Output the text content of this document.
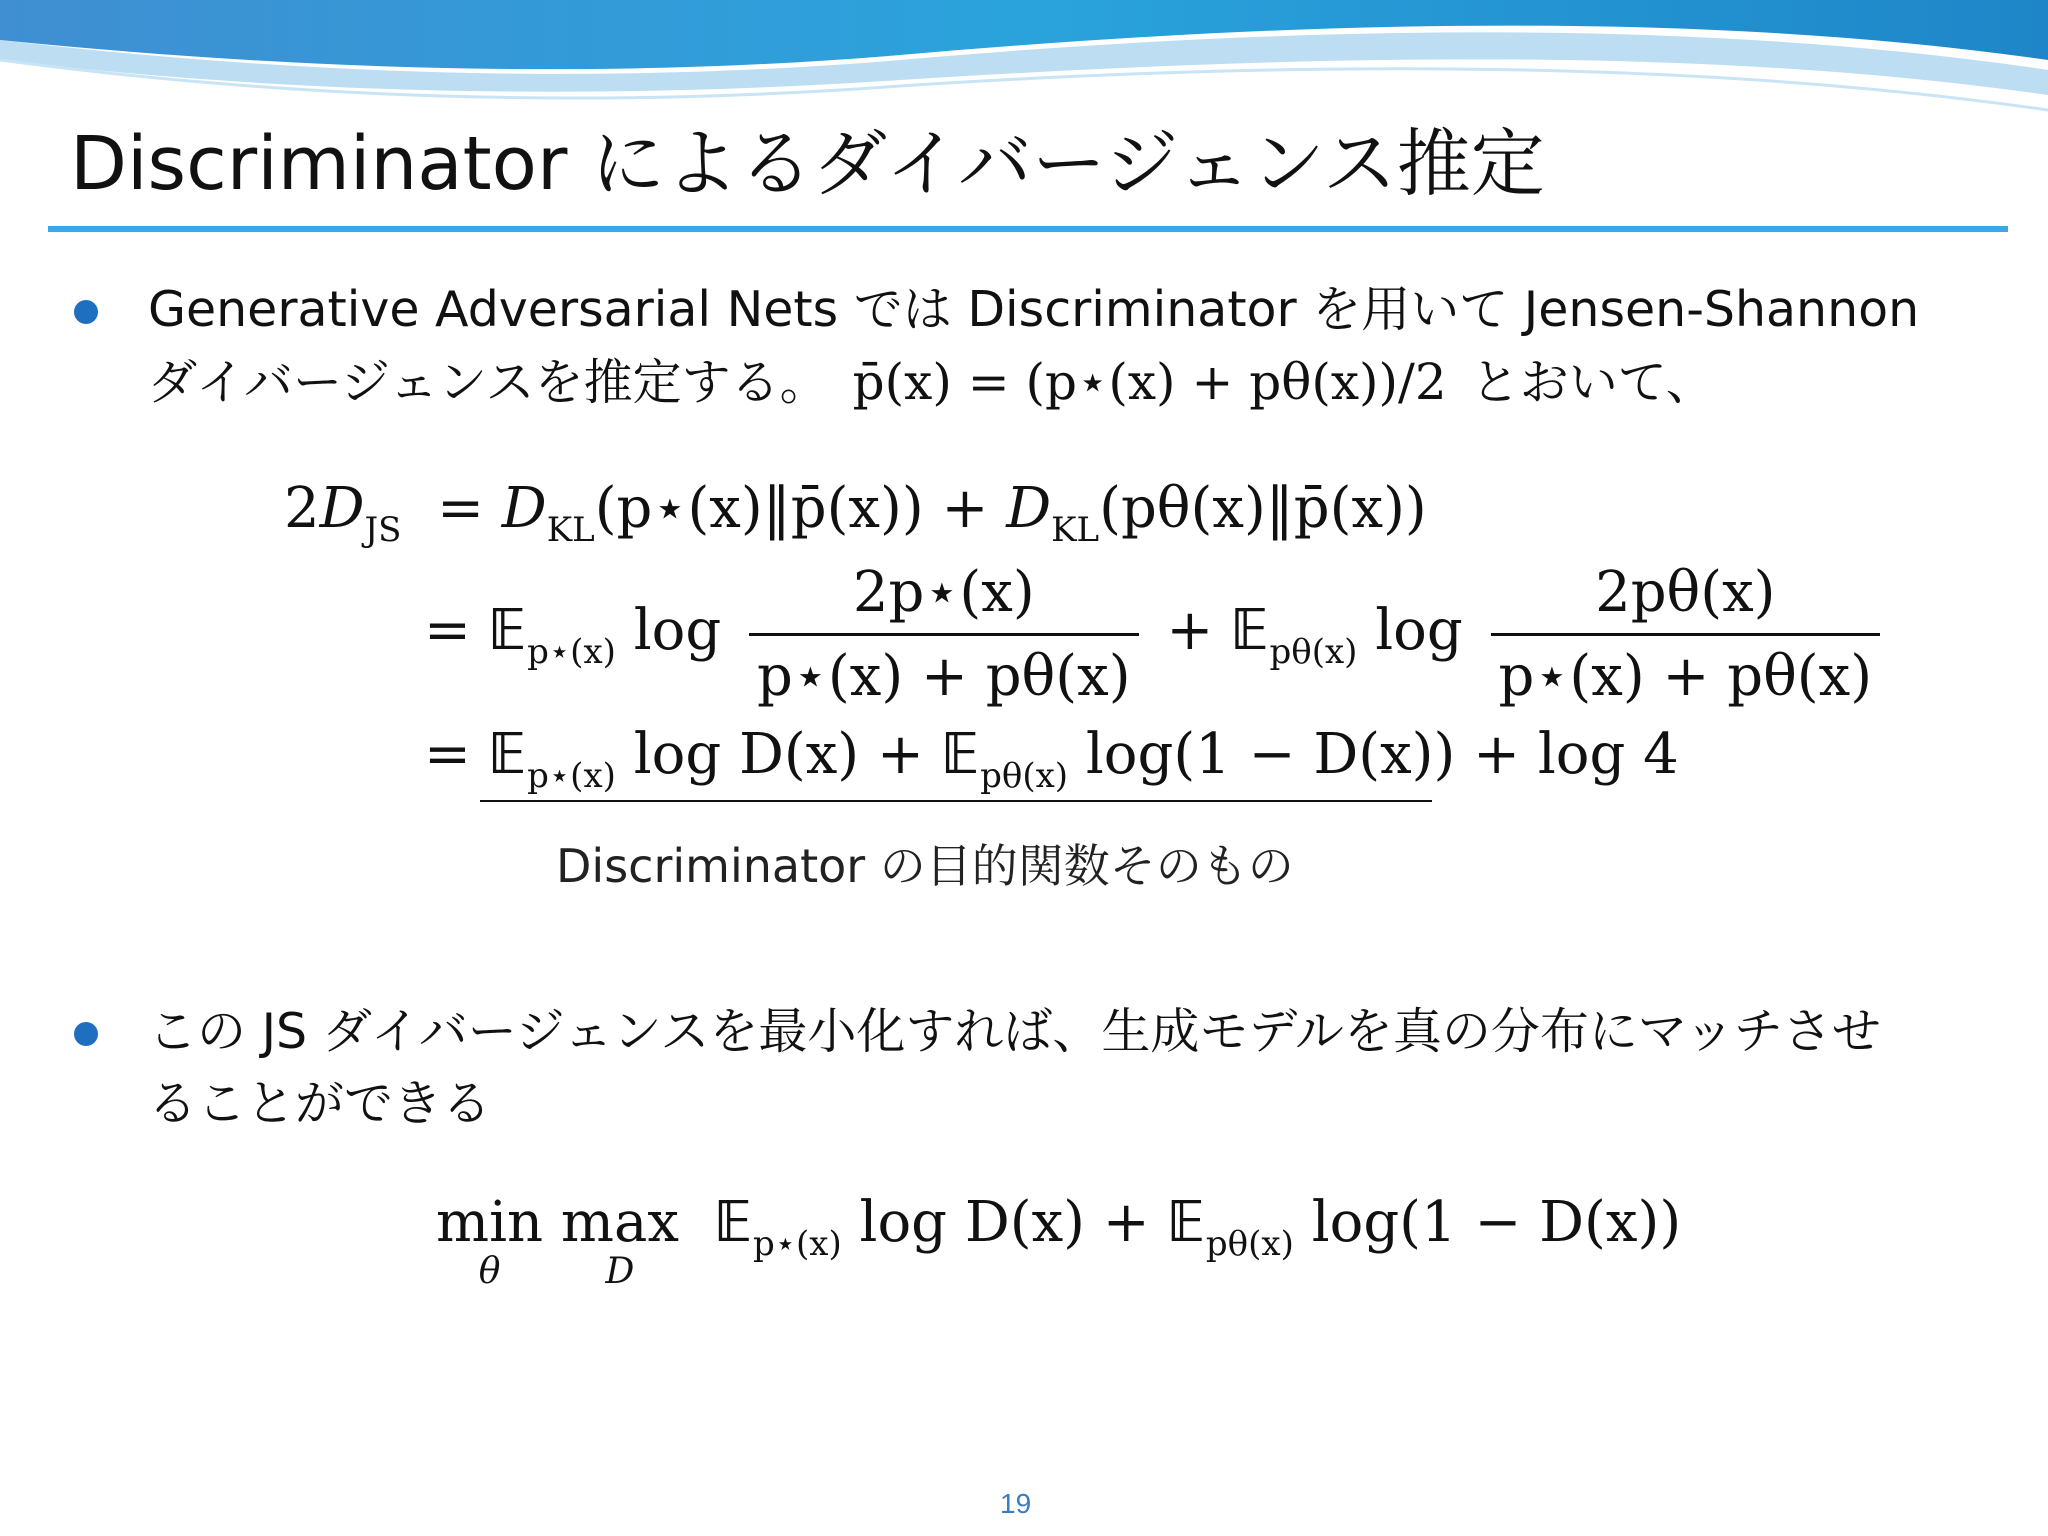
Discriminator によるダイバージェンス推定
Generative Adversarial Nets では Discriminator を用いて Jensen-Shannon
ダイバージェンスを推定する。 p̄(x) = (p⋆(x) + pθ(x))/2 とおいて、
$2D_{JS}$  = $D_{KL}(p⋆(x)‖p̄(x))$ + $D_{KL}(p\theta(x)‖p̄(x))$
= 𝔼$_{p⋆(x)}$ $\log \frac{2p⋆(x)}{p⋆(x) + p\theta(x)}$ + 𝔼$_{p\theta(x)}$ $\log \frac{2p\theta(x)}{p⋆(x) + p\theta(x)}$
= 𝔼$_{p⋆(x)}$ log D(x) + 𝔼$_{p\theta(x)}$ log(1 − D(x)) + log 4
Discriminator の目的関数そのもの
この JS ダイバージェンスを最小化すれば、生成モデルを真の分布にマッチさせ
ることができる
min
θ
max
D
𝔼$_{p⋆(x)}$ log D(x) + 𝔼$_{p\theta(x)}$ log(1 − D(x))
19
